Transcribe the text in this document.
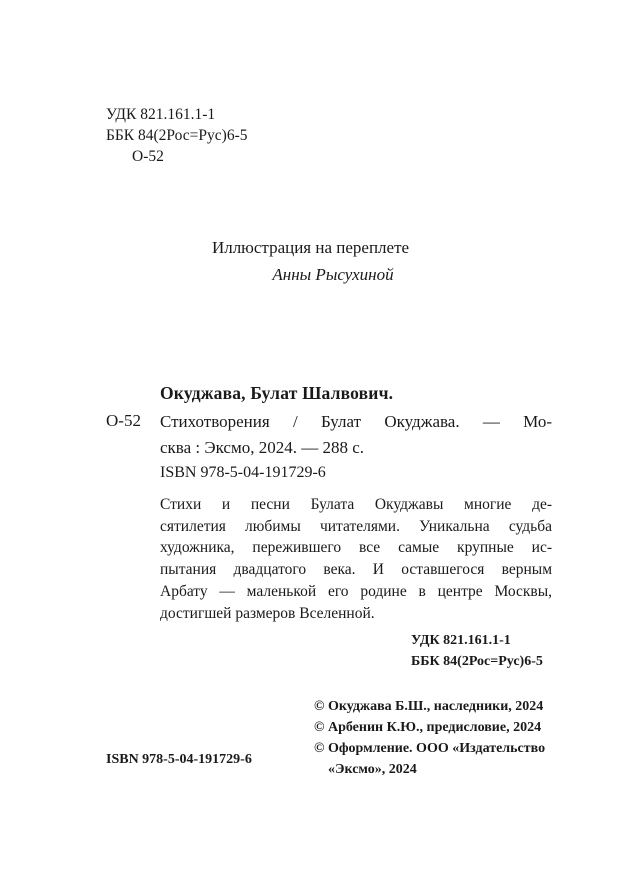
УДК 821.161.1-1
ББК 84(2Рос=Рус)6-5
О-52
Иллюстрация на переплете
Анны Рысухиной
Окуджава, Булат Шалвович.
О-52 Стихотворения / Булат Окуджава. — Мо-
сква : Эксмо, 2024. — 288 с.
ISBN 978-5-04-191729-6
Стихи и песни Булата Окуджавы многие де-
сятилетия любимы читателями. Уникальна судьба
художника, пережившего все самые крупные ис-
пытания двадцатого века. И оставшегося верным
Арбату — маленькой его родине в центре Москвы,
достигшей размеров Вселенной.
УДК 821.161.1-1
ББК 84(2Рос=Рус)6-5
© Окуджава Б.Ш., наследники, 2024
© Арбенин К.Ю., предисловие, 2024
© Оформление. ООО «Издательство
«Эксмо», 2024
ISBN 978-5-04-191729-6
